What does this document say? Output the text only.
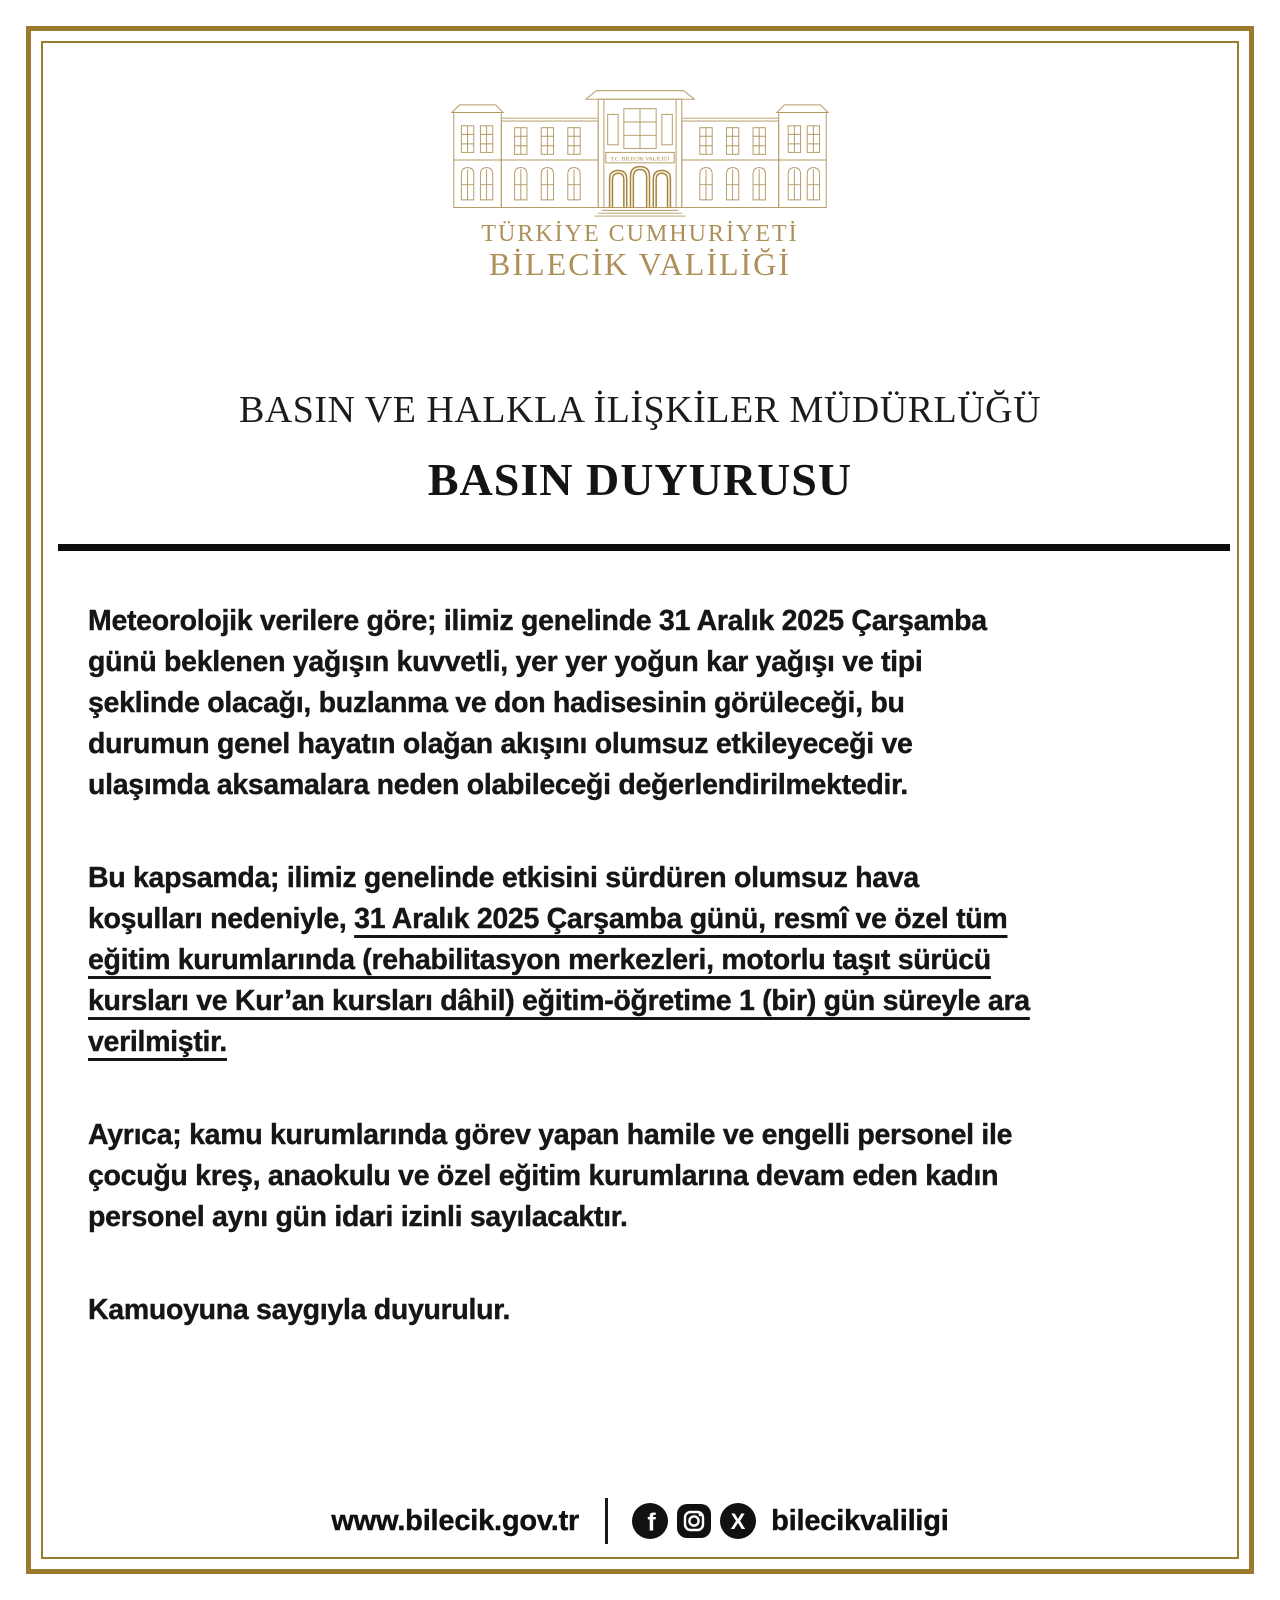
T.C. BİLECİK VALİLİĞİ
TÜRKİYE CUMHURİYETİ
BİLECİK VALİLİĞİ
BASIN VE HALKLA İLİŞKİLER MÜDÜRLÜĞÜ
BASIN DUYURUSU
Meteorolojik verilere göre; ilimiz genelinde 31 Aralık 2025 Çarşamba
günü beklenen yağışın kuvvetli, yer yer yoğun kar yağışı ve tipi
şeklinde olacağı, buzlanma ve don hadisesinin görüleceği, bu
durumun genel hayatın olağan akışını olumsuz etkileyeceği ve
ulaşımda aksamalara neden olabileceği değerlendirilmektedir.
Bu kapsamda; ilimiz genelinde etkisini sürdüren olumsuz hava
koşulları nedeniyle, 31 Aralık 2025 Çarşamba günü, resmî ve özel tüm
eğitim kurumlarında (rehabilitasyon merkezleri, motorlu taşıt sürücü
kursları ve Kur’an kursları dâhil) eğitim-öğretime 1 (bir) gün süreyle ara
verilmiştir.
Ayrıca; kamu kurumlarında görev yapan hamile ve engelli personel ile
çocuğu kreş, anaokulu ve özel eğitim kurumlarına devam eden kadın
personel aynı gün idari izinli sayılacaktır.
Kamuoyuna saygıyla duyurulur.
www.bilecik.gov.tr	f	X bilecikvaliligi
